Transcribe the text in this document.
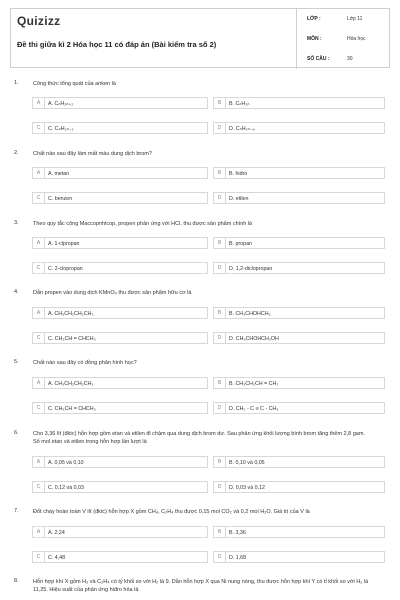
Quizizz
Đề thi giữa kì 2 Hóa học 11 có đáp án (Bài kiểm tra số 2)
LỚP :	Lớp 11
MÔN :	Hóa học
SỐ CÂU :	30
1.	Công thức tổng quát của anken là
A	A. CₙH₂ₙ₊₂	B	B. CₙH₂ₙ
C	C. CₙH₂ₙ₋₂	D	D. CₙH₂ₙ₋₆
2.	Chất nào sau đây làm mất màu dung dịch brom?
A	A. metan	B	B. hidro
C	C. benzen	D	D. etilen
3.	Theo quy tắc cộng Maccopnhicop, propen phản ứng với HCl, thu được sản phẩm chính là
A	A. 1-clpropan	B	B. propan
C	C. 2-clopropan	D	D. 1,2-diclopropan
4.	Dẫn propen vào dung dịch KMnO₄ thu được sản phẩm hữu cơ là
A	A. CH₃CH₂CH₂CH₃	B	B. CH₃CHOHCH₃
C	C. CH₃CH = CHCH₃	D	D. CH₃CHOHCH₂OH
5.	Chất nào sau đây có đồng phân hình học?
A	A. CH₃CH₂CH₂CH₃	B	B. CH₃CH₂CH = CH₂
C	C. CH₃CH = CHCH₃	D	D. CH₂ - C ≡ C - CH₃
6.	Cho 3,36 lít (đktc) hỗn hợp gồm etan và etilen đi chậm qua dung dịch brom dư. Sau phản ứng khối lượng bình brom tăng thêm 2,8 gam. Số mol etan và etilen trong hỗn hợp lần lượt là
A	A. 0,05 và 0,10	B	B. 0,10 và 0,05
C	C. 0,12 và 0,03	D	D. 0,03 và 0,12
7.	Đốt cháy hoàn toàn V lít (đktc) hỗn hợp X gồm CH₄, C₂H₄ thu được 0,15 mol CO₂ và 0,2 mol H₂O. Giá trị của V là
A	A. 2,24	B	B. 3,36
C	C. 4,48	D	D. 1,68
8.	Hỗn hợp khí X gồm H₂ và C₂H₄ có tỷ khối so với H₂ là 9. Dẫn hỗn hợp X qua Ni nung nóng, thu được hỗn hợp khí Y có tỉ khối so với H₂ là 11,25. Hiệu suất của phản ứng hiđro hóa là
